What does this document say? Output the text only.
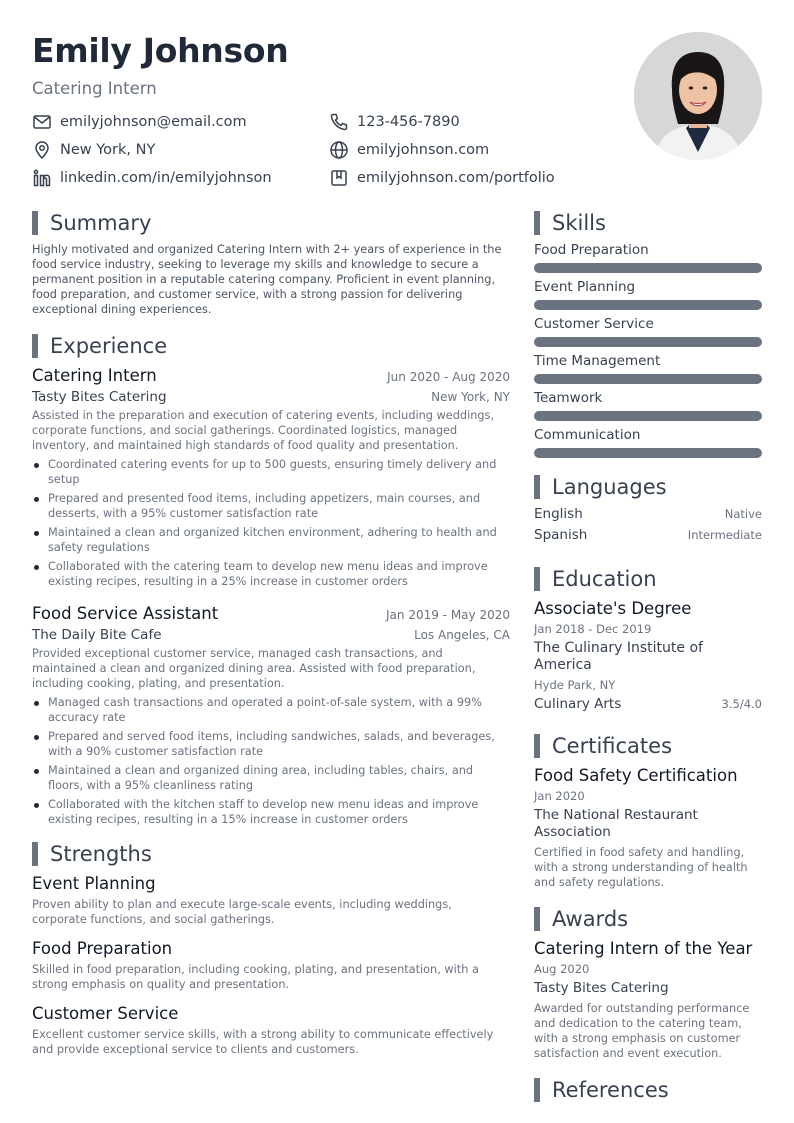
Emily Johnson
Catering Intern
emilyjohnson@email.com	123-456-7890
New York, NY	emilyjohnson.com
linkedin.com/in/emilyjohnson	emilyjohnson.com/portfolio
Summary
Highly motivated and organized Catering Intern with 2+ years of experience in the food service industry, seeking to leverage my skills and knowledge to secure a permanent position in a reputable catering company. Proficient in event planning, food preparation, and customer service, with a strong passion for delivering exceptional dining experiences.
Experience
Catering Intern	Jun 2020 - Aug 2020
Tasty Bites Catering	New York, NY
Assisted in the preparation and execution of catering events, including weddings, corporate functions, and social gatherings. Coordinated logistics, managed inventory, and maintained high standards of food quality and presentation.
Coordinated catering events for up to 500 guests, ensuring timely delivery and setup
Prepared and presented food items, including appetizers, main courses, and desserts, with a 95% customer satisfaction rate
Maintained a clean and organized kitchen environment, adhering to health and safety regulations
Collaborated with the catering team to develop new menu ideas and improve existing recipes, resulting in a 25% increase in customer orders
Food Service Assistant	Jan 2019 - May 2020
The Daily Bite Cafe	Los Angeles, CA
Provided exceptional customer service, managed cash transactions, and maintained a clean and organized dining area. Assisted with food preparation, including cooking, plating, and presentation.
Managed cash transactions and operated a point-of-sale system, with a 99% accuracy rate
Prepared and served food items, including sandwiches, salads, and beverages, with a 90% customer satisfaction rate
Maintained a clean and organized dining area, including tables, chairs, and floors, with a 95% cleanliness rating
Collaborated with the kitchen staff to develop new menu ideas and improve existing recipes, resulting in a 15% increase in customer orders
Strengths
Event Planning
Proven ability to plan and execute large-scale events, including weddings, corporate functions, and social gatherings.
Food Preparation
Skilled in food preparation, including cooking, plating, and presentation, with a strong emphasis on quality and presentation.
Customer Service
Excellent customer service skills, with a strong ability to communicate effectively and provide exceptional service to clients and customers.
Skills
Food Preparation
Event Planning
Customer Service
Time Management
Teamwork
Communication
Languages
English	Native
Spanish	Intermediate
Education
Associate's Degree
Jan 2018 - Dec 2019
The Culinary Institute of America
Hyde Park, NY
Culinary Arts	3.5/4.0
Certificates
Food Safety Certification
Jan 2020
The National Restaurant Association
Certified in food safety and handling, with a strong understanding of health and safety regulations.
Awards
Catering Intern of the Year
Aug 2020
Tasty Bites Catering
Awarded for outstanding performance and dedication to the catering team, with a strong emphasis on customer satisfaction and event execution.
References
